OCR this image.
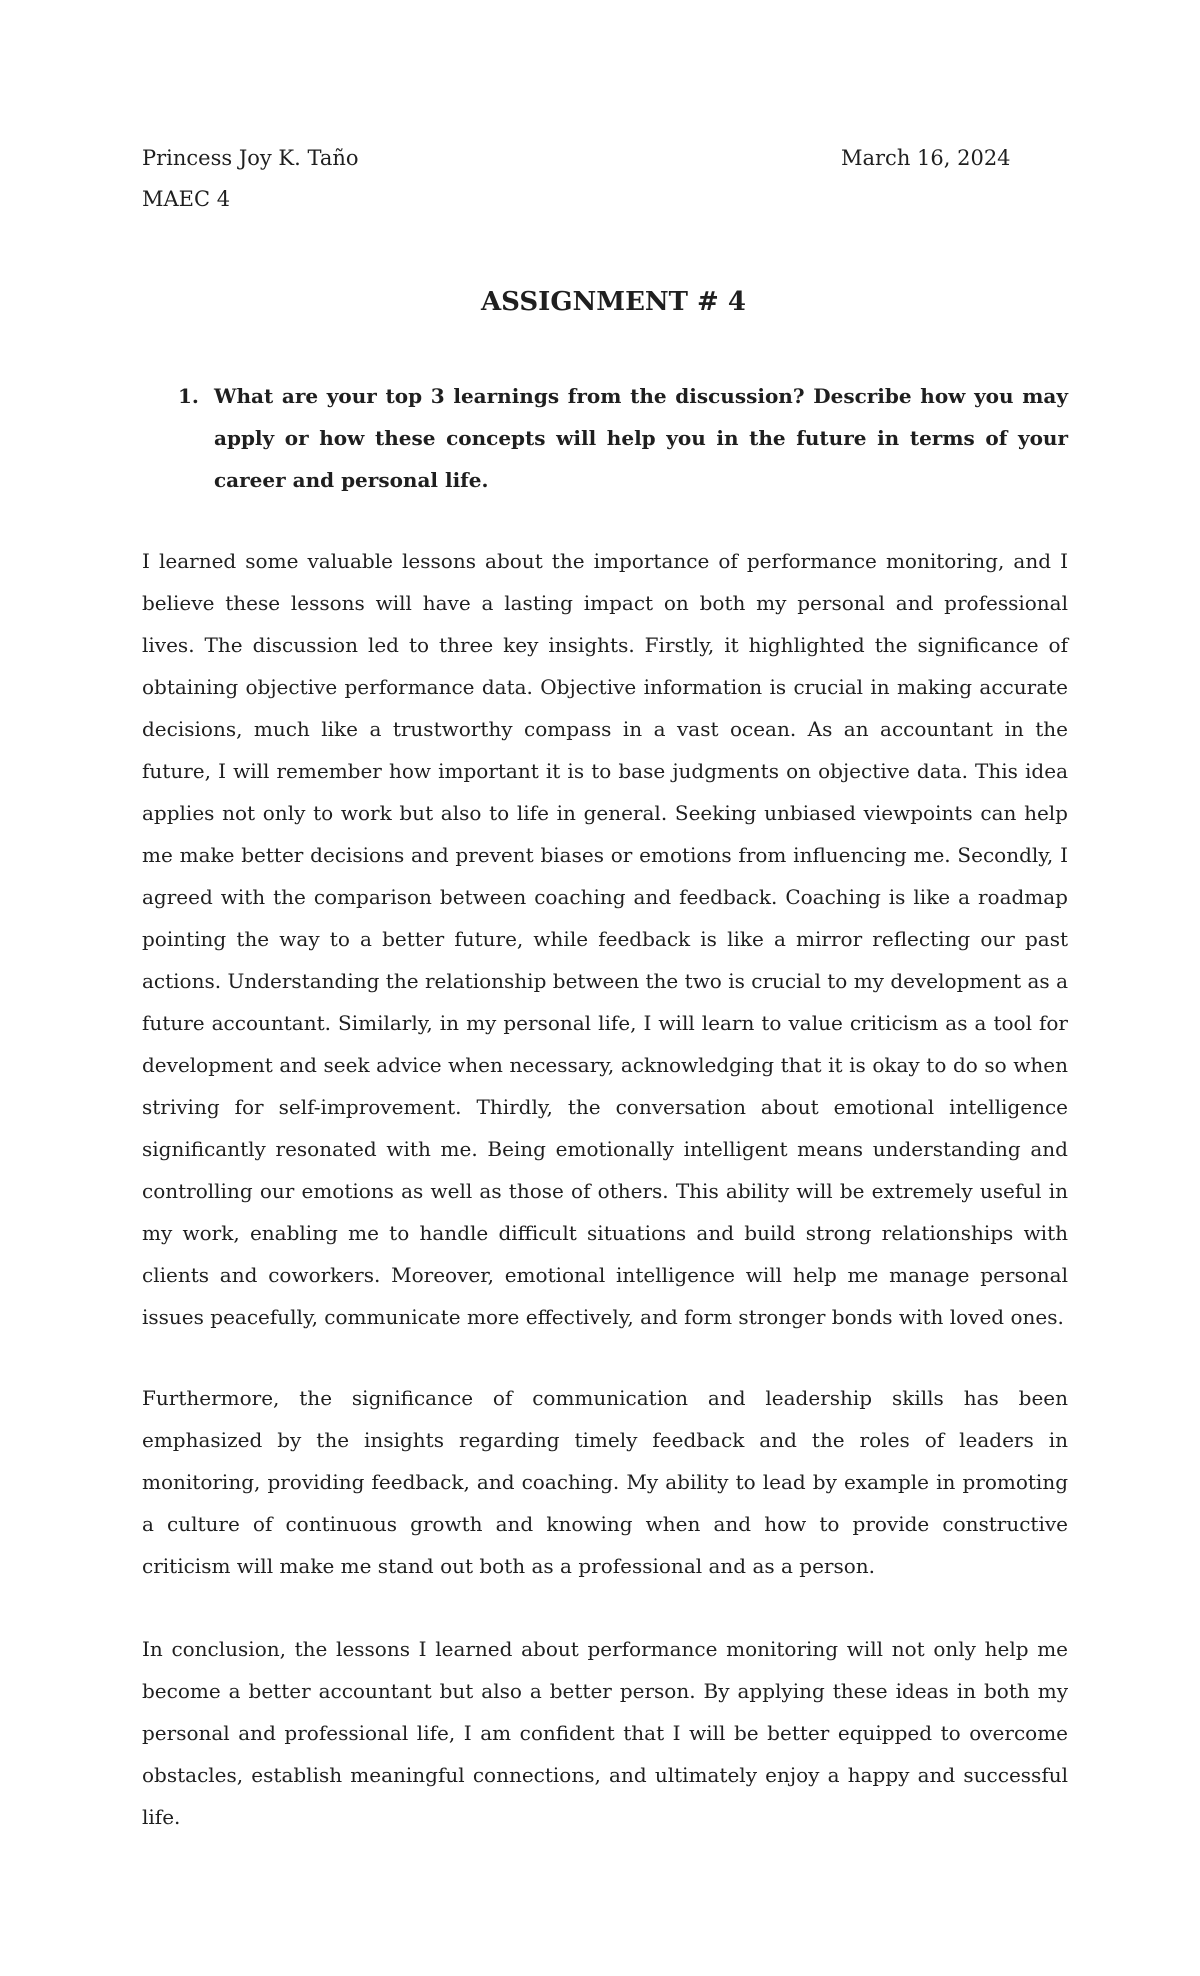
Princess Joy K. Taño	March 16, 2024
MAEC 4
ASSIGNMENT # 4
1. What are your top 3 learnings from the discussion? Describe how you may apply or how these concepts will help you in the future in terms of your career and personal life.

I learned some valuable lessons about the importance of performance monitoring, and I believe these lessons will have a lasting impact on both my personal and professional lives. The discussion led to three key insights. Firstly, it highlighted the significance of obtaining objective performance data. Objective information is crucial in making accurate decisions, much like a trustworthy compass in a vast ocean. As an accountant in the future, I will remember how important it is to base judgments on objective data. This idea applies not only to work but also to life in general. Seeking unbiased viewpoints can help me make better decisions and prevent biases or emotions from influencing me. Secondly, I agreed with the comparison between coaching and feedback. Coaching is like a roadmap pointing the way to a better future, while feedback is like a mirror reflecting our past actions. Understanding the relationship between the two is crucial to my development as a future accountant. Similarly, in my personal life, I will learn to value criticism as a tool for development and seek advice when necessary, acknowledging that it is okay to do so when striving for self-improvement. Thirdly, the conversation about emotional intelligence significantly resonated with me. Being emotionally intelligent means understanding and controlling our emotions as well as those of others. This ability will be extremely useful in my work, enabling me to handle difficult situations and build strong relationships with clients and coworkers. Moreover, emotional intelligence will help me manage personal issues peacefully, communicate more effectively, and form stronger bonds with loved ones.

Furthermore, the significance of communication and leadership skills has been emphasized by the insights regarding timely feedback and the roles of leaders in monitoring, providing feedback, and coaching. My ability to lead by example in promoting a culture of continuous growth and knowing when and how to provide constructive criticism will make me stand out both as a professional and as a person.

In conclusion, the lessons I learned about performance monitoring will not only help me become a better accountant but also a better person. By applying these ideas in both my personal and professional life, I am confident that I will be better equipped to overcome obstacles, establish meaningful connections, and ultimately enjoy a happy and successful life.
